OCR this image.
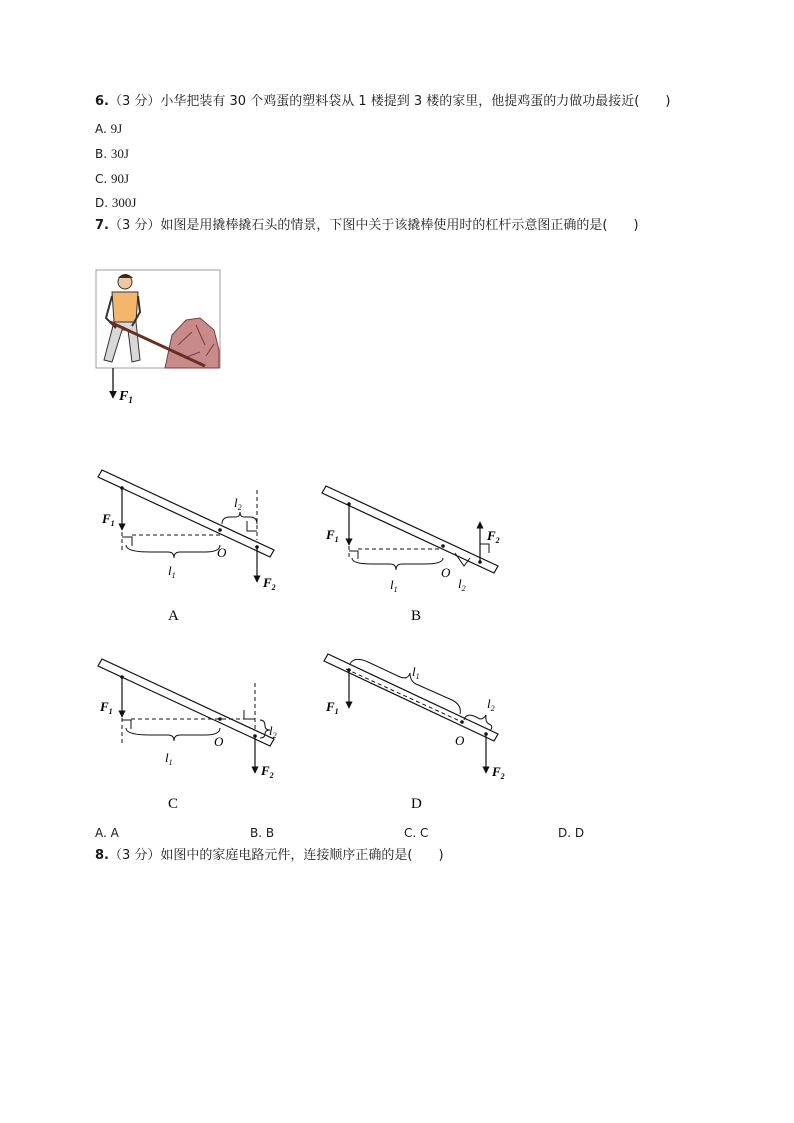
6.（3 分）小华把装有 30 个鸡蛋的塑料袋从 1 楼提到 3 楼的家里，他提鸡蛋的力做功最接近(　　)
A. 9J
B. 30J
C. 90J
D. 300J
7.（3 分）如图是用撬棒撬石头的情景，下图中关于该撬棒使用时的杠杆示意图正确的是(　　)
$F_1$
$F_1$
$l_1$
O
$l_2$
$F_2$
A
$F_1$
$l_1$
O
$F_2$
$l_2$
B
$F_1$
$l_1$
O
$l_2$
$F_2$
C
$F_1$
$l_1$
O
$l_2$
$F_2$
D
A. A	B. B	C. C	D. D
8.（3 分）如图中的家庭电路元件，连接顺序正确的是(　　)
